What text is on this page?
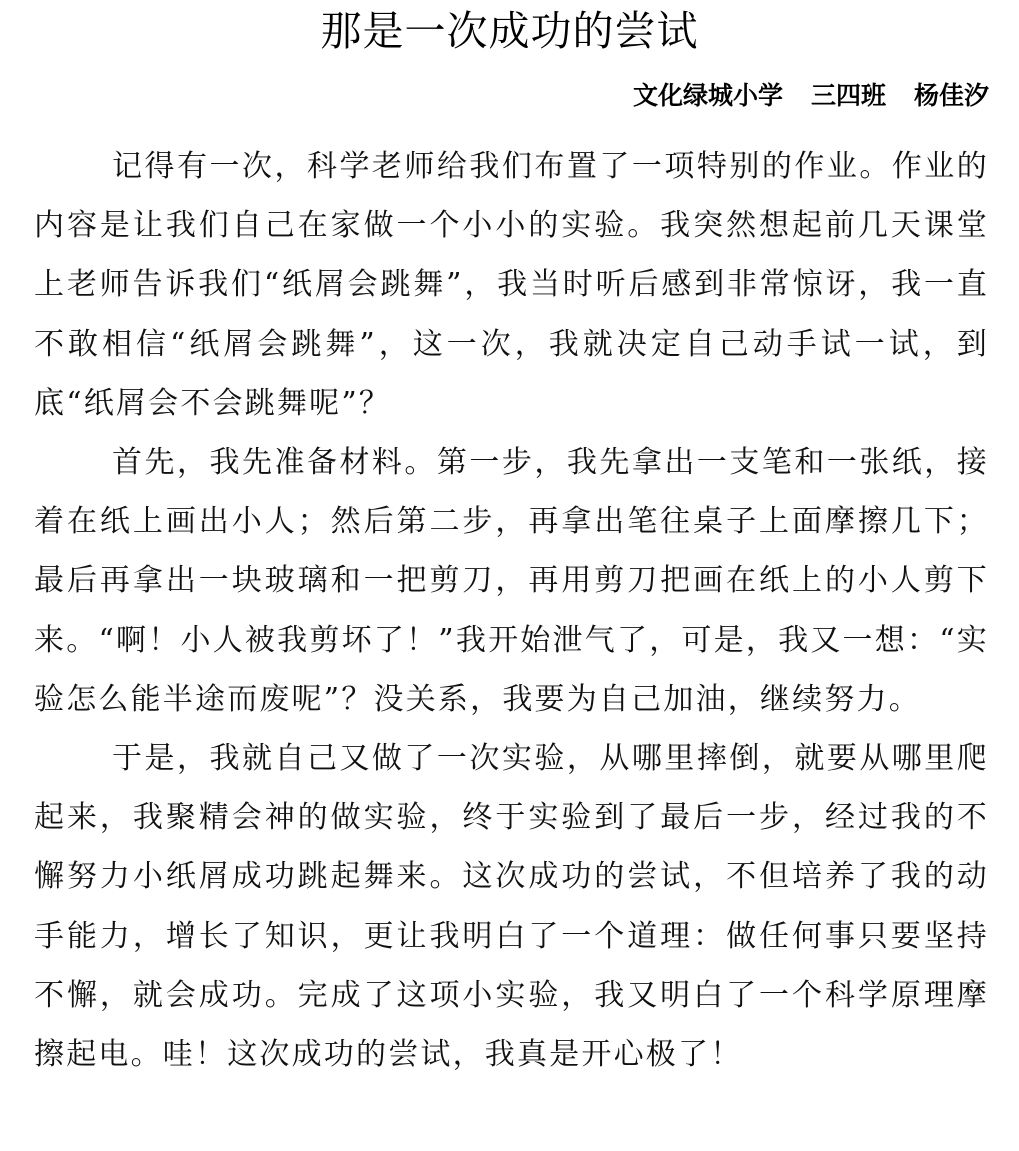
那是一次成功的尝试
文化绿城小学 三四班 杨佳汐

记得有一次，科学老师给我们布置了一项特别的作业。作业的内容是让我们自己在家做一个小小的实验。我突然想起前几天课堂上老师告诉我们“纸屑会跳舞”，我当时听后感到非常惊讶，我一直不敢相信“纸屑会跳舞”，这一次，我就决定自己动手试一试，到底“纸屑会不会跳舞呢”？

首先，我先准备材料。第一步，我先拿出一支笔和一张纸，接着在纸上画出小人；然后第二步，再拿出笔往桌子上面摩擦几下；最后再拿出一块玻璃和一把剪刀，再用剪刀把画在纸上的小人剪下来。“啊！小人被我剪坏了！”我开始泄气了，可是，我又一想：“实验怎么能半途而废呢”？没关系，我要为自己加油，继续努力。

于是，我就自己又做了一次实验，从哪里摔倒，就要从哪里爬起来，我聚精会神的做实验，终于实验到了最后一步，经过我的不懈努力小纸屑成功跳起舞来。这次成功的尝试，不但培养了我的动手能力，增长了知识，更让我明白了一个道理：做任何事只要坚持不懈，就会成功。完成了这项小实验，我又明白了一个科学原理摩擦起电。哇！这次成功的尝试，我真是开心极了！
